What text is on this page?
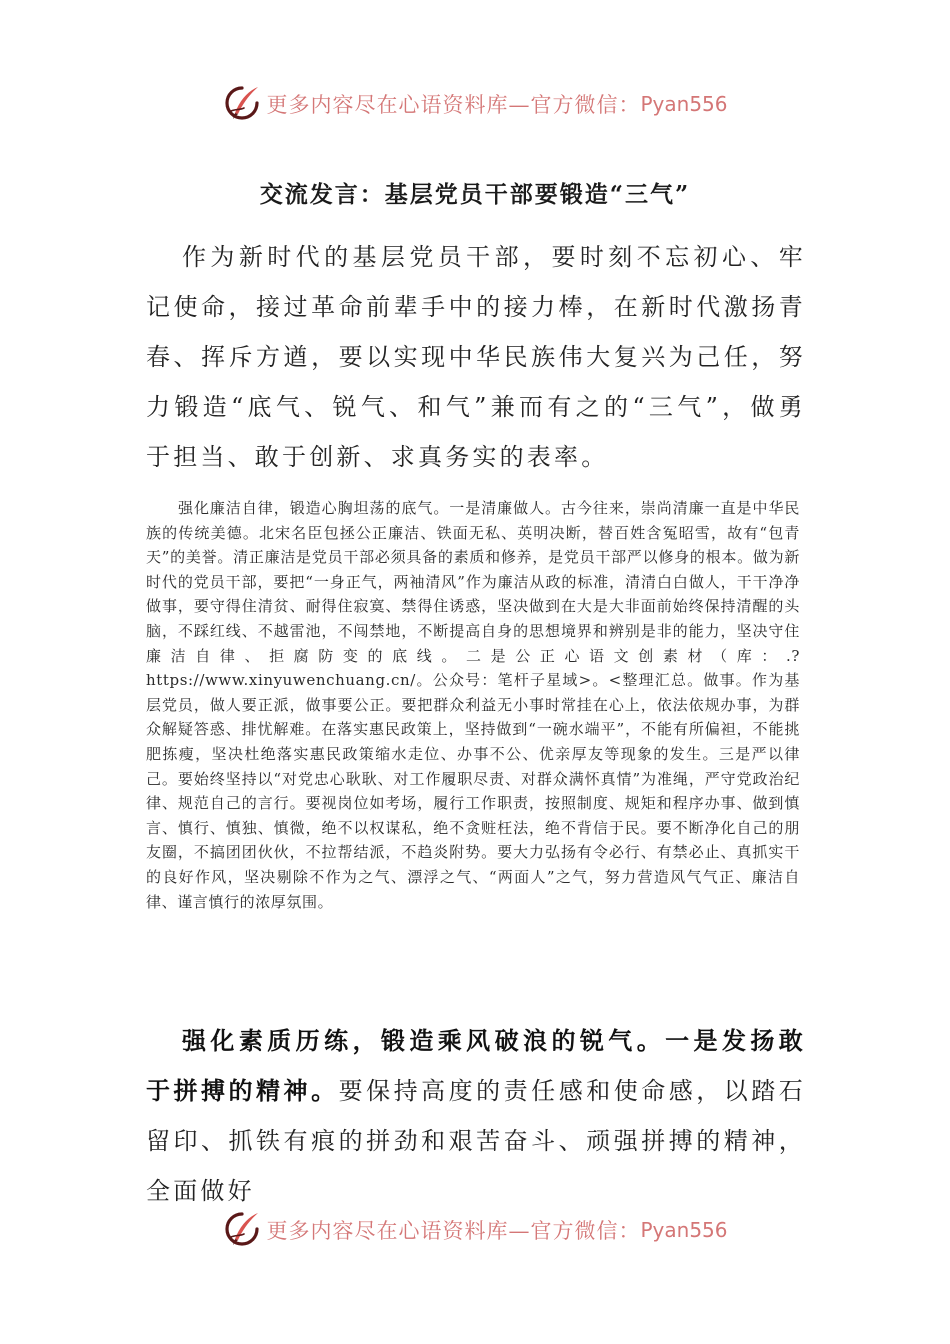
更多内容尽在心语资料库—官方微信： Pyan556
交流发言：基层党员干部要锻造“三气”

作为新时代的基层党员干部，要时刻不忘初心、牢记使命，接过革命前辈手中的接力棒，在新时代激扬青春、挥斥方遒，要以实现中华民族伟大复兴为己任，努力锻造“底气、锐气、和气”兼而有之的“三气”，做勇于担当、敢于创新、求真务实的表率。

强化廉洁自律，锻造心胸坦荡的底气。一是清廉做人。古今往来，崇尚清廉一直是中华民族的传统美德。北宋名臣包拯公正廉洁、铁面无私、英明决断，替百姓含冤昭雪，故有“包青天”的美誉。清正廉洁是党员干部必须具备的素质和修养，是党员干部严以修身的根本。做为新时代的党员干部，要把“一身正气，两袖清风”作为廉洁从政的标准，清清白白做人，干干净净做事，要守得住清贫、耐得住寂寞、禁得住诱惑，坚决做到在大是大非面前始终保持清醒的头脑，不踩红线、不越雷池，不闯禁地，不断提高自身的思想境界和辨别是非的能力，坚决守住廉洁自律、拒腐防变的底线。二是公正心语文创素材（库：.?https://www.xinyuwenchuang.cn/。公众号：笔杆子星域>。<整理汇总。做事。作为基层党员，做人要正派，做事要公正。要把群众利益无小事时常挂在心上，依法依规办事，为群众解疑答惑、排忧解难。在落实惠民政策上，坚持做到“一碗水端平”，不能有所偏袒，不能挑肥拣瘦，坚决杜绝落实惠民政策缩水走位、办事不公、优亲厚友等现象的发生。三是严以律己。要始终坚持以“对党忠心耿耿、对工作履职尽责、对群众满怀真情”为准绳，严守党政治纪律、规范自己的言行。要视岗位如考场，履行工作职责，按照制度、规矩和程序办事、做到慎言、慎行、慎独、慎微，绝不以权谋私，绝不贪赃枉法，绝不背信于民。要不断净化自己的朋友圈，不搞团团伙伙，不拉帮结派，不趋炎附势。要大力弘扬有令必行、有禁必止、真抓实干的良好作风，坚决剔除不作为之气、漂浮之气、“两面人”之气，努力营造风气气正、廉洁自律、谨言慎行的浓厚氛围。

强化素质历练，锻造乘风破浪的锐气。一是发扬敢于拼搏的精神。要保持高度的责任感和使命感，以踏石留印、抓铁有痕的拼劲和艰苦奋斗、顽强拼搏的精神，全面做好

更多内容尽在心语资料库—官方微信： Pyan556
